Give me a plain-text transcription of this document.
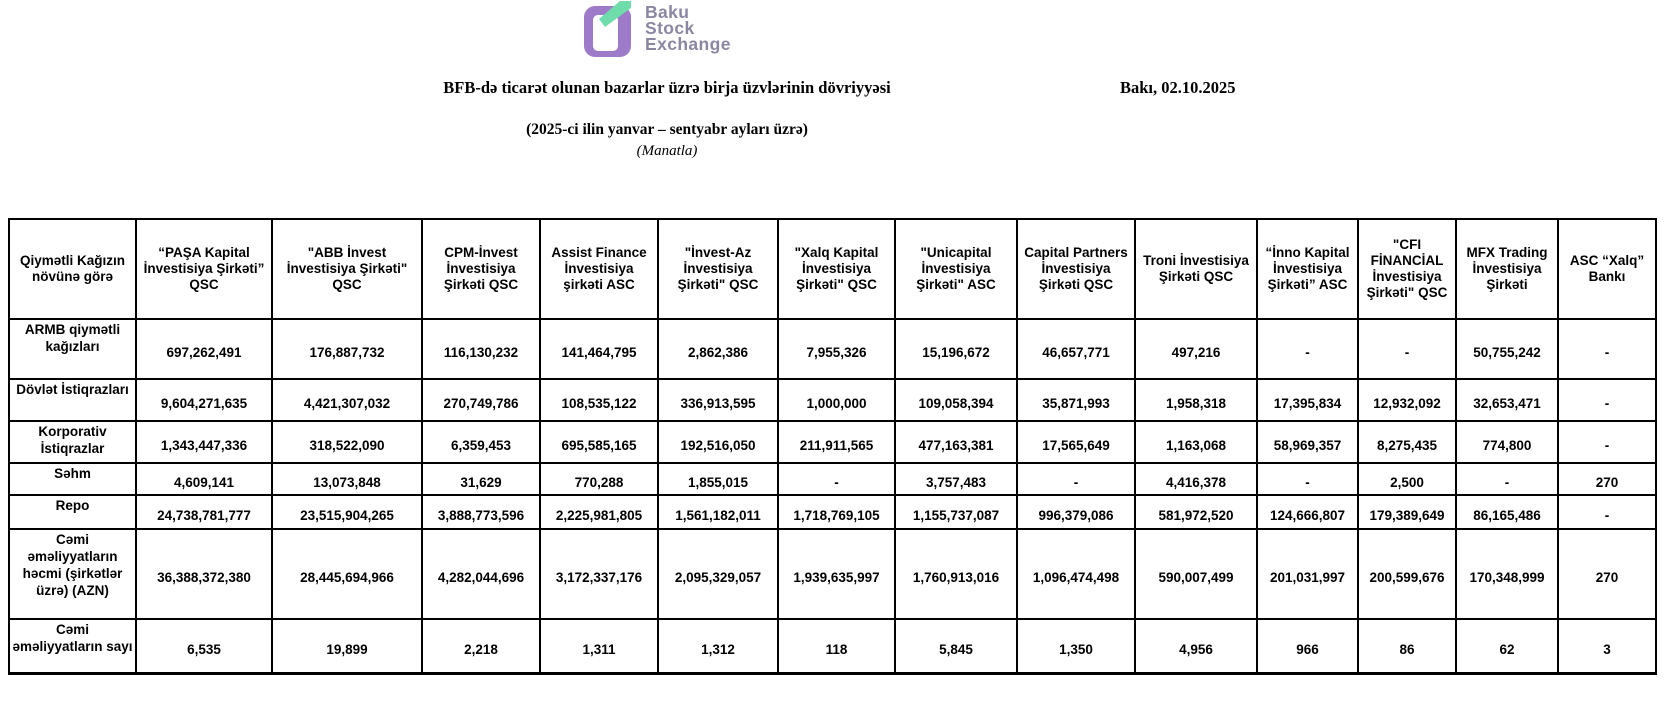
Baku
Stock
Exchange
BFB-də ticarət olunan bazarlar üzrə birja üzvlərinin dövriyyəsi	Bakı, 02.10.2025
(2025-ci ilin yanvar – sentyabr ayları üzrə)
(Manatla)
Qiymətli Kağızın növünə görə	“PAŞA Kapital İnvestisiya Şirkəti” QSC	"ABB İnvest İnvestisiya Şirkəti" QSC	CPM-İnvest İnvestisiya Şirkəti QSC	Assist Finance İnvestisiya şirkəti ASC	"İnvest-Az İnvestisiya Şirkəti" QSC	"Xalq Kapital İnvestisiya Şirkəti" QSC	"Unicapital İnvestisiya Şirkəti" ASC	Capital Partners İnvestisiya Şirkəti QSC	Troni İnvestisiya Şirkəti QSC	“İnno Kapital İnvestisiya Şirkəti” ASC	"CFI FİNANCİAL İnvestisiya Şirkəti" QSC	MFX Trading İnvestisiya Şirkəti	ASC “Xalq” Bankı
ARMB qiymətli kağızları	697,262,491	176,887,732	116,130,232	141,464,795	2,862,386	7,955,326	15,196,672	46,657,771	497,216	-	-	50,755,242	-
Dövlət İstiqrazları	9,604,271,635	4,421,307,032	270,749,786	108,535,122	336,913,595	1,000,000	109,058,394	35,871,993	1,958,318	17,395,834	12,932,092	32,653,471	-
Korporativ İstiqrazlar	1,343,447,336	318,522,090	6,359,453	695,585,165	192,516,050	211,911,565	477,163,381	17,565,649	1,163,068	58,969,357	8,275,435	774,800	-
Səhm	4,609,141	13,073,848	31,629	770,288	1,855,015	-	3,757,483	-	4,416,378	-	2,500	-	270
Repo	24,738,781,777	23,515,904,265	3,888,773,596	2,225,981,805	1,561,182,011	1,718,769,105	1,155,737,087	996,379,086	581,972,520	124,666,807	179,389,649	86,165,486	-
Cəmi əməliyyatların həcmi (şirkətlər üzrə) (AZN)	36,388,372,380	28,445,694,966	4,282,044,696	3,172,337,176	2,095,329,057	1,939,635,997	1,760,913,016	1,096,474,498	590,007,499	201,031,997	200,599,676	170,348,999	270
Cəmi əməliyyatların sayı	6,535	19,899	2,218	1,311	1,312	118	5,845	1,350	4,956	966	86	62	3
